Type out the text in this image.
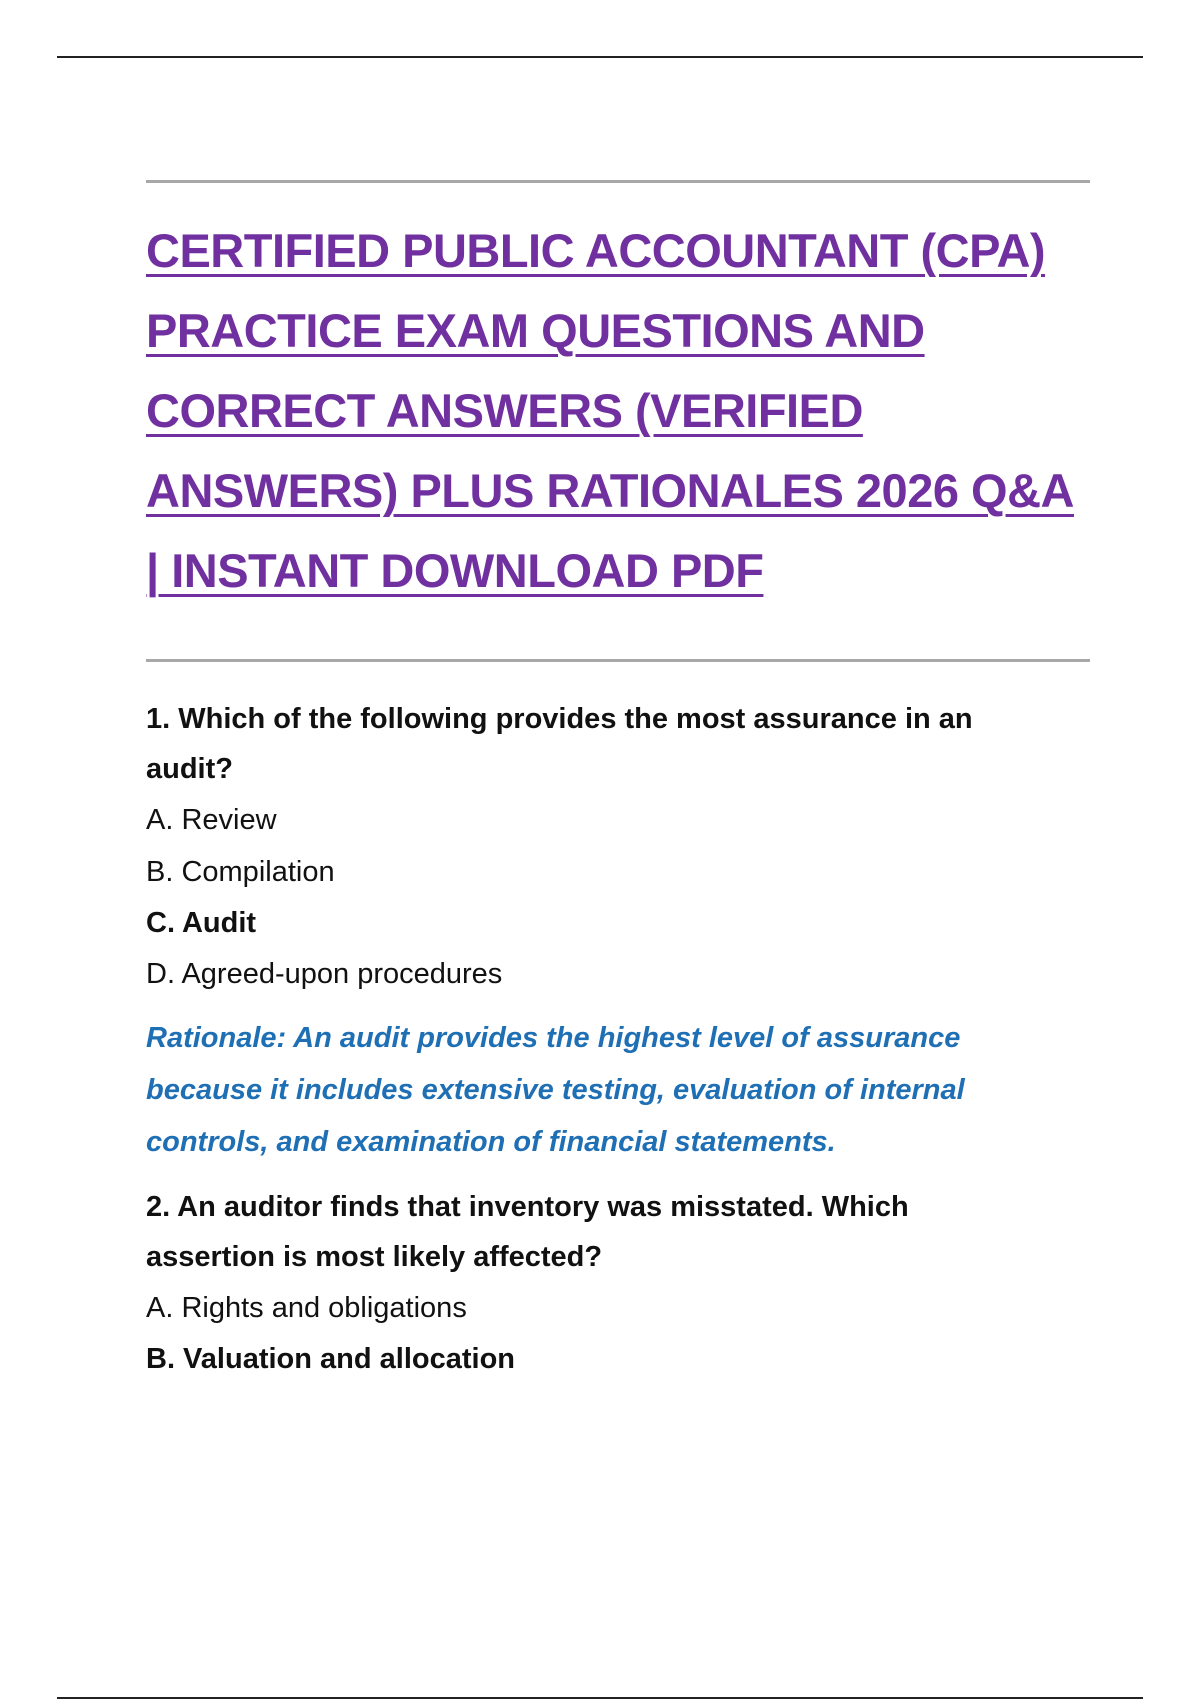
CERTIFIED PUBLIC ACCOUNTANT (CPA)
PRACTICE EXAM QUESTIONS AND
CORRECT ANSWERS (VERIFIED
ANSWERS) PLUS RATIONALES 2026 Q&A
| INSTANT DOWNLOAD PDF
1. Which of the following provides the most assurance in an
audit?
A. Review
B. Compilation
C. Audit
D. Agreed-upon procedures
Rationale: An audit provides the highest level of assurance
because it includes extensive testing, evaluation of internal
controls, and examination of financial statements.
2. An auditor finds that inventory was misstated. Which
assertion is most likely affected?
A. Rights and obligations
B. Valuation and allocation
